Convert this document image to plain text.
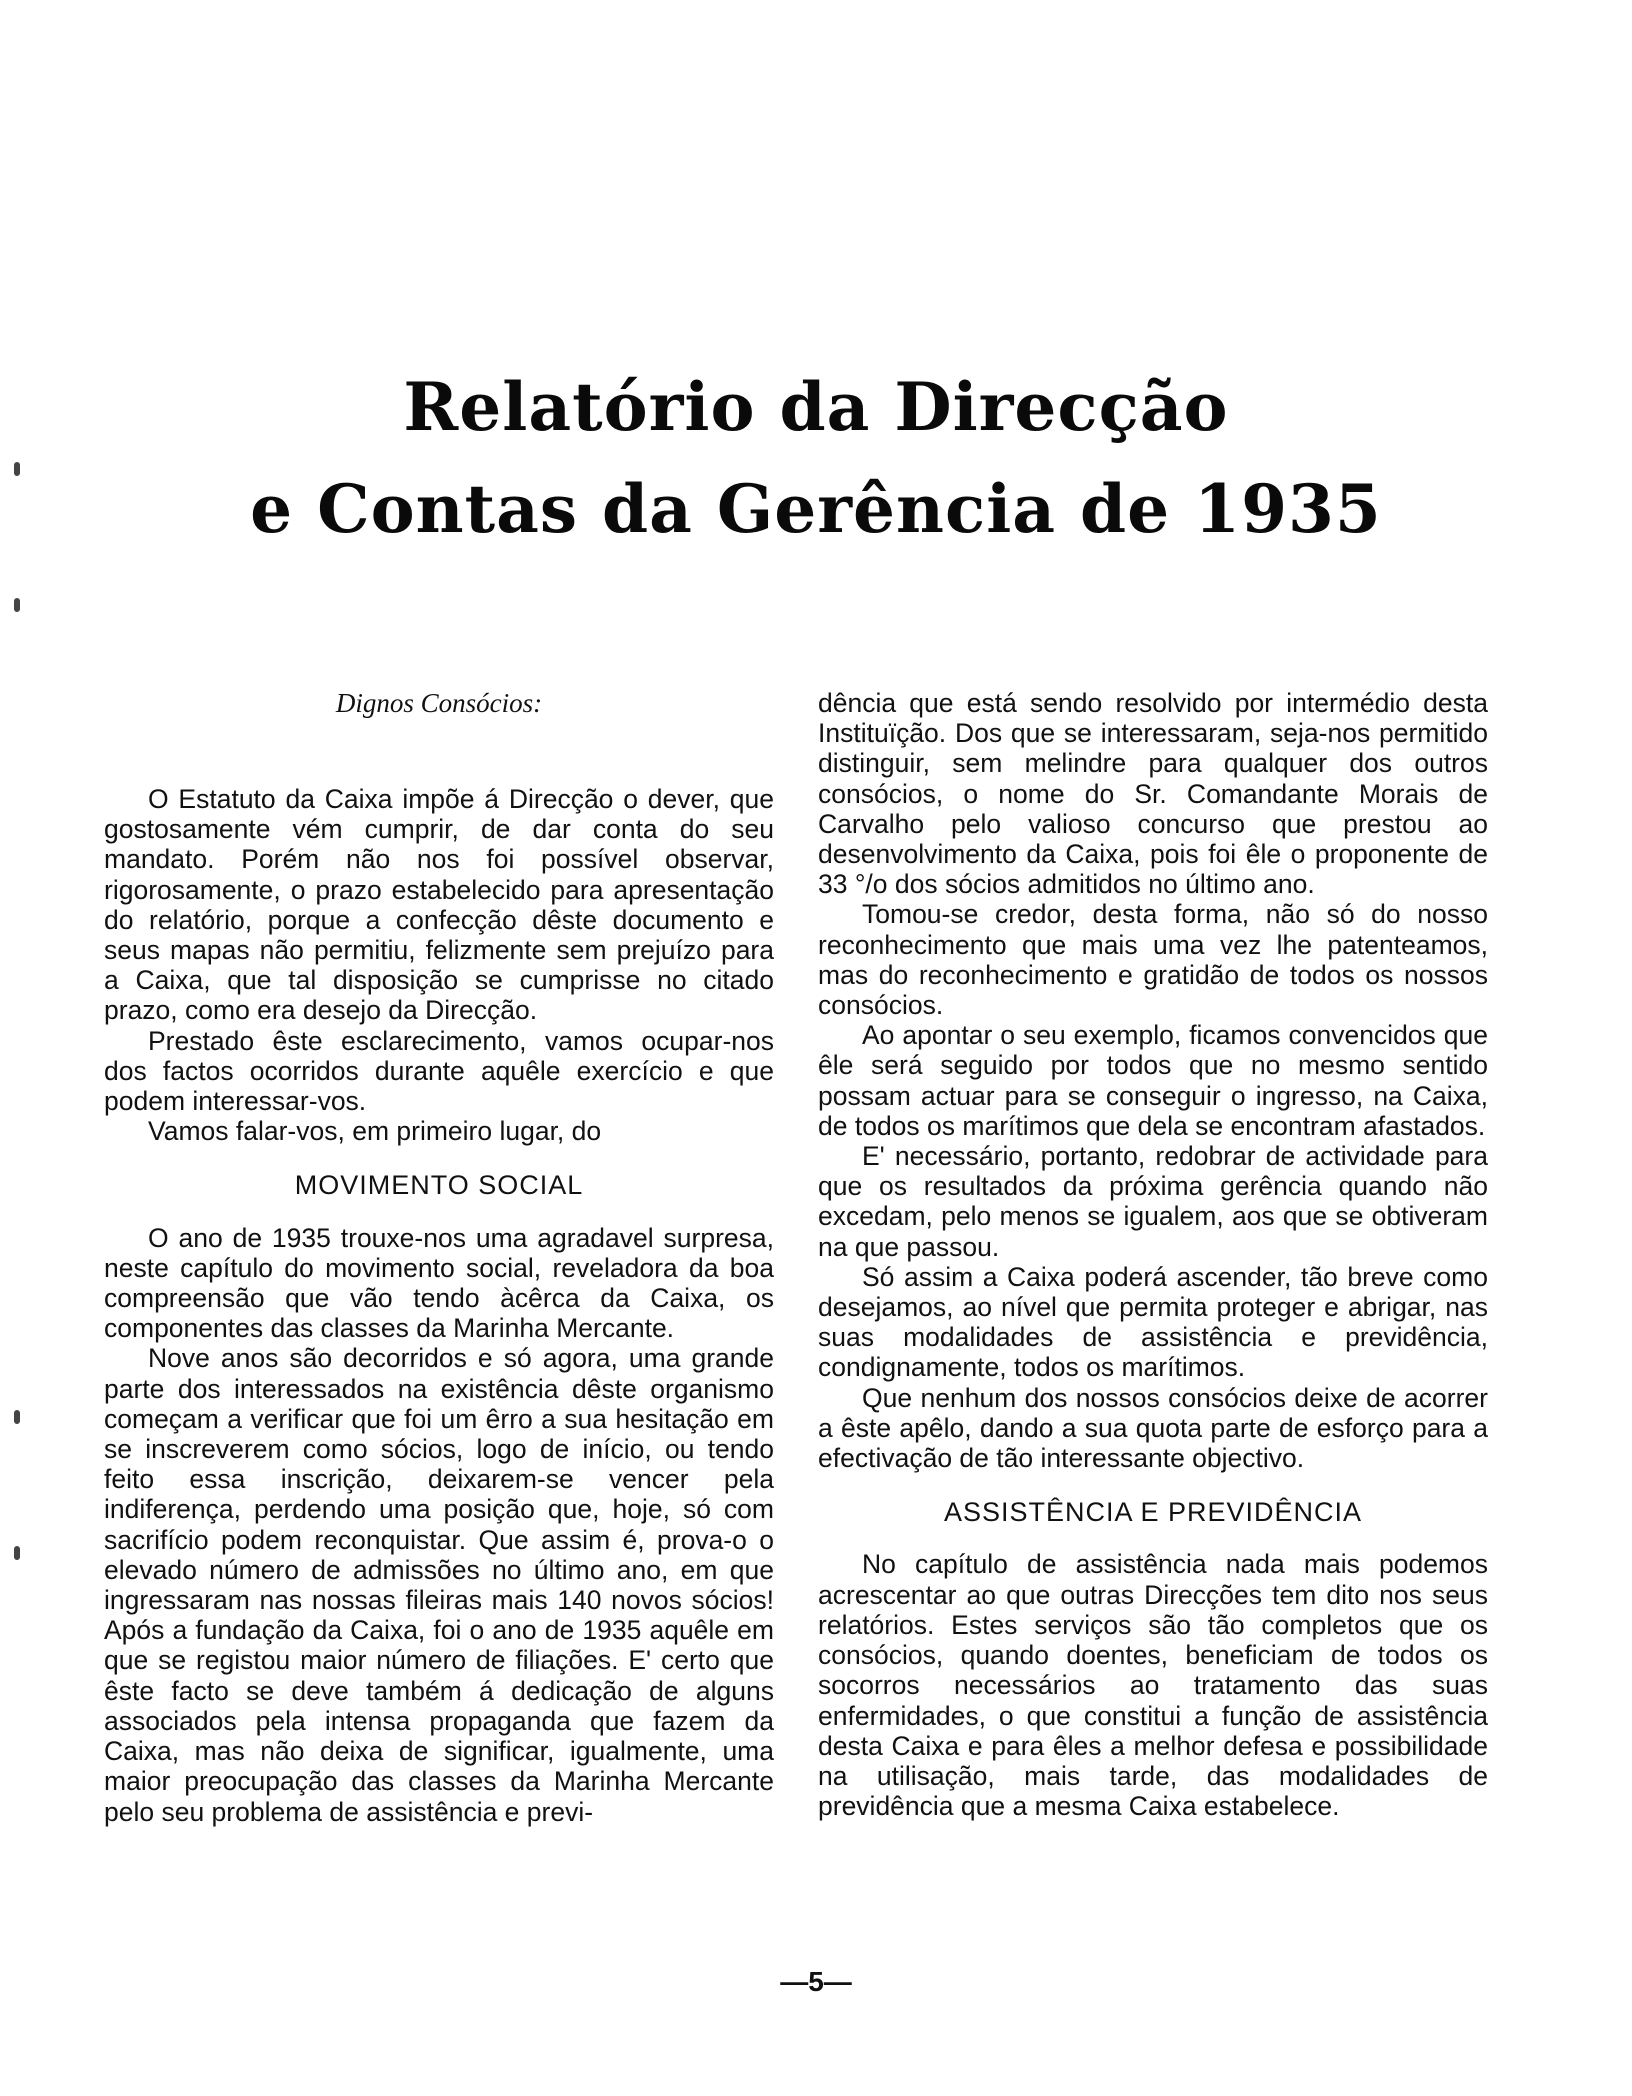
Relatório da Direcção
e Contas da Gerência de 1935
Dignos Consócios:

O Estatuto da Caixa impõe á Direcção o dever, que gostosamente vém cumprir, de dar conta do seu mandato. Porém não nos foi possível observar, rigorosamente, o prazo estabelecido para apresentação do relatório, porque a confecção dêste documento e seus mapas não permitiu, felizmente sem prejuízo para a Caixa, que tal disposição se cumprisse no citado prazo, como era desejo da Direcção.

Prestado êste esclarecimento, vamos ocupar-nos dos factos ocorridos durante aquêle exercício e que podem interessar-vos.

Vamos falar-vos, em primeiro lugar, do

MOVIMENTO SOCIAL

O ano de 1935 trouxe-nos uma agradavel surpresa, neste capítulo do movimento social, reveladora da boa compreensão que vão tendo àcêrca da Caixa, os componentes das classes da Marinha Mercante.

Nove anos são decorridos e só agora, uma grande parte dos interessados na existência dêste organismo começam a verificar que foi um êrro a sua hesitação em se inscreverem como sócios, logo de início, ou tendo feito essa inscrição, deixarem-se vencer pela indiferença, perdendo uma posição que, hoje, só com sacrifício podem reconquistar. Que assim é, prova-o o elevado número de admissões no último ano, em que ingressaram nas nossas fileiras mais 140 novos sócios! Após a fundação da Caixa, foi o ano de 1935 aquêle em que se registou maior número de filiações. E' certo que êste facto se deve também á dedicação de alguns associados pela intensa propaganda que fazem da Caixa, mas não deixa de significar, igualmente, uma maior preocupação das classes da Marinha Mercante pelo seu problema de assistência e previ-

dência que está sendo resolvido por intermédio desta Instituïção. Dos que se interessaram, seja-nos permitido distinguir, sem melindre para qualquer dos outros consócios, o nome do Sr. Comandante Morais de Carvalho pelo valioso concurso que prestou ao desenvolvimento da Caixa, pois foi êle o proponente de 33 °/o dos sócios admitidos no último ano.

Tomou-se credor, desta forma, não só do nosso reconhecimento que mais uma vez lhe patenteamos, mas do reconhecimento e gratidão de todos os nossos consócios.

Ao apontar o seu exemplo, ficamos convencidos que êle será seguido por todos que no mesmo sentido possam actuar para se conseguir o ingresso, na Caixa, de todos os marítimos que dela se encontram afastados.

E' necessário, portanto, redobrar de actividade para que os resultados da próxima gerência quando não excedam, pelo menos se igualem, aos que se obtiveram na que passou.

Só assim a Caixa poderá ascender, tão breve como desejamos, ao nível que permita proteger e abrigar, nas suas modalidades de assistência e previdência, condignamente, todos os marítimos.

Que nenhum dos nossos consócios deixe de acorrer a êste apêlo, dando a sua quota parte de esforço para a efectivação de tão interessante objectivo.

ASSISTÊNCIA E PREVIDÊNCIA

No capítulo de assistência nada mais podemos acrescentar ao que outras Direcções tem dito nos seus relatórios. Estes serviços são tão completos que os consócios, quando doentes, beneficiam de todos os socorros necessários ao tratamento das suas enfermidades, o que constitui a função de assistência desta Caixa e para êles a melhor defesa e possibilidade na utilisação, mais tarde, das modalidades de previdência que a mesma Caixa estabelece.

—5—
